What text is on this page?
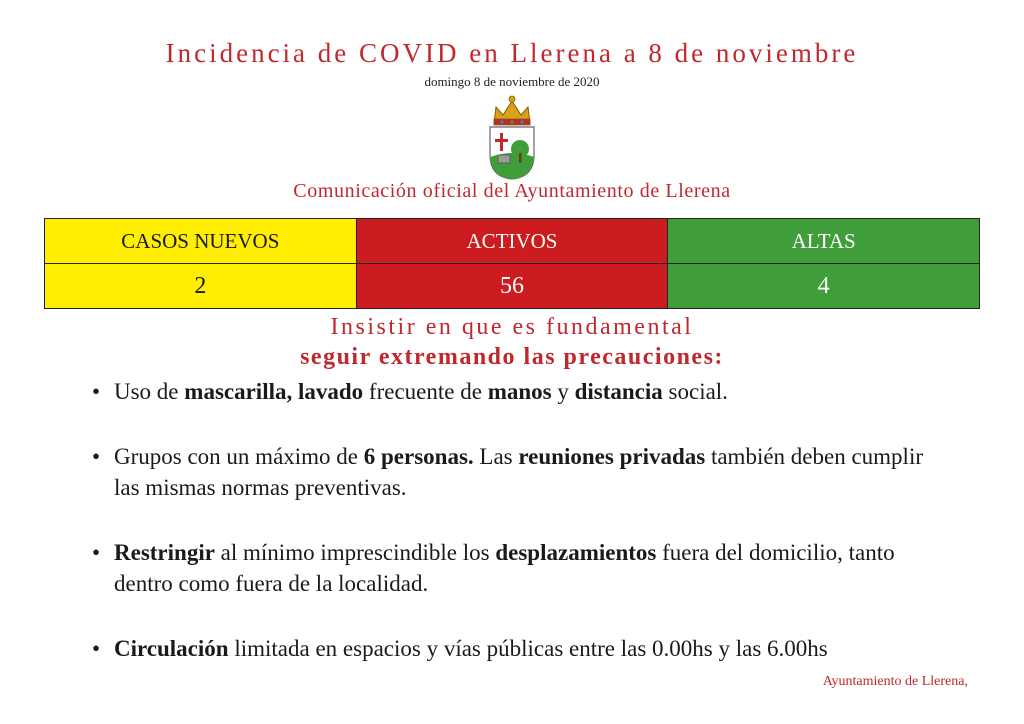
Incidencia de COVID en Llerena a 8 de noviembre
domingo 8 de noviembre de 2020
Comunicación oficial del Ayuntamiento de Llerena
CASOS NUEVOS	ACTIVOS	ALTAS
2	56	4
Insistir en que es fundamental
seguir extremando las precauciones:
• Uso de mascarilla, lavado frecuente de manos y distancia social.
• Grupos con un máximo de 6 personas. Las reuniones privadas también deben cumplir las mismas normas preventivas.
• Restringir al mínimo imprescindible los desplazamientos fuera del domicilio, tanto dentro como fuera de la localidad.
• Circulación limitada en espacios y vías públicas entre las 0.00hs y las 6.00hs
Ayuntamiento de Llerena,
